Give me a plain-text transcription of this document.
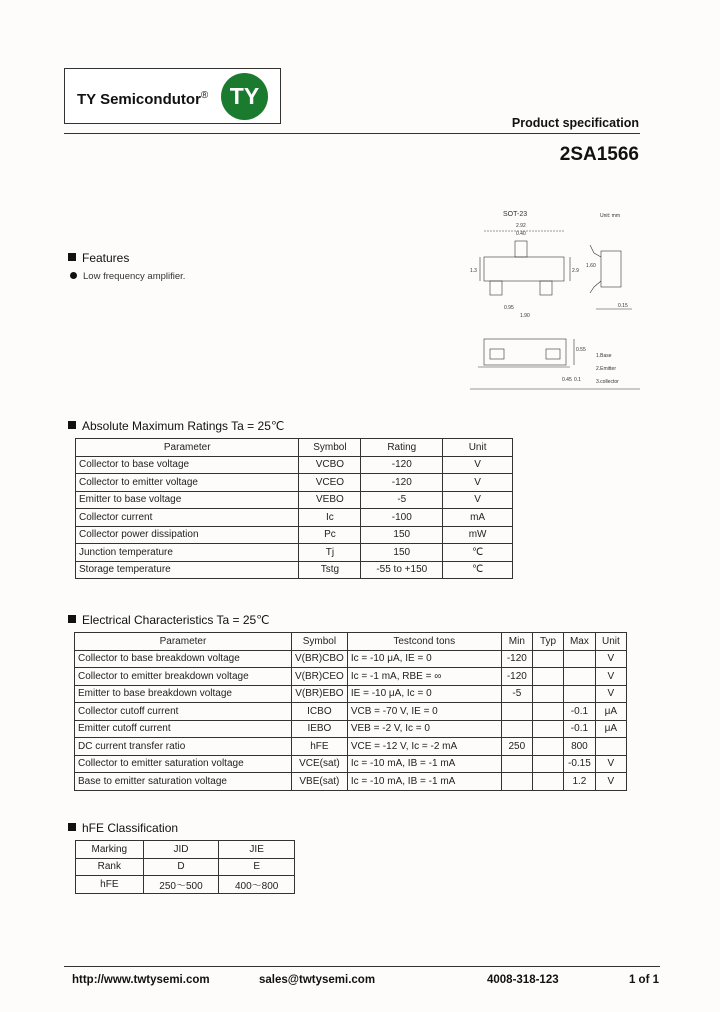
TY Semicondutor® TY
Product specification
2SA1566
Features
Low frequency amplifier.
SOT-23	Unit: mm
2.92
0.40
1.3	2.9
0.95
1.90
0.1
0.15
1.60
0.55
0.45
1.Base
2.Emitter
3.collector
Absolute Maximum Ratings Ta = 25℃
Parameter	Symbol	Rating	Unit
Collector to base voltage	VCBO	-120	V
Collector to emitter voltage	VCEO	-120	V
Emitter to base voltage	VEBO	-5	V
Collector current	Ic	-100	mA
Collector power dissipation	Pc	150	mW
Junction temperature	Tj	150	℃
Storage temperature	Tstg	-55 to +150	℃
Electrical Characteristics Ta = 25℃
Parameter	Symbol	Testcond tons	Min	Typ	Max	Unit
Collector to base breakdown voltage	V(BR)CBO	Ic = -10 μA, IE = 0	-120			V
Collector to emitter breakdown voltage	V(BR)CEO	Ic = -1 mA, RBE = ∞	-120			V
Emitter to base breakdown voltage	V(BR)EBO	IE = -10 μA, Ic = 0	-5			V
Collector cutoff current	ICBO	VCB = -70 V, IE = 0			-0.1	μA
Emitter cutoff current	IEBO	VEB = -2 V, Ic = 0			-0.1	μA
DC current transfer ratio	hFE	VCE = -12 V, Ic = -2 mA	250		800	
Collector to emitter saturation voltage	VCE(sat)	Ic = -10 mA, IB = -1 mA			-0.15	V
Base to emitter saturation voltage	VBE(sat)	Ic = -10 mA, IB = -1 mA			1.2	V
hFE Classification
Marking	JID	JIE
Rank	D	E
hFE	250～500	400～800
http://www.twtysemi.com	sales@twtysemi.com	4008-318-123	1 of 1
